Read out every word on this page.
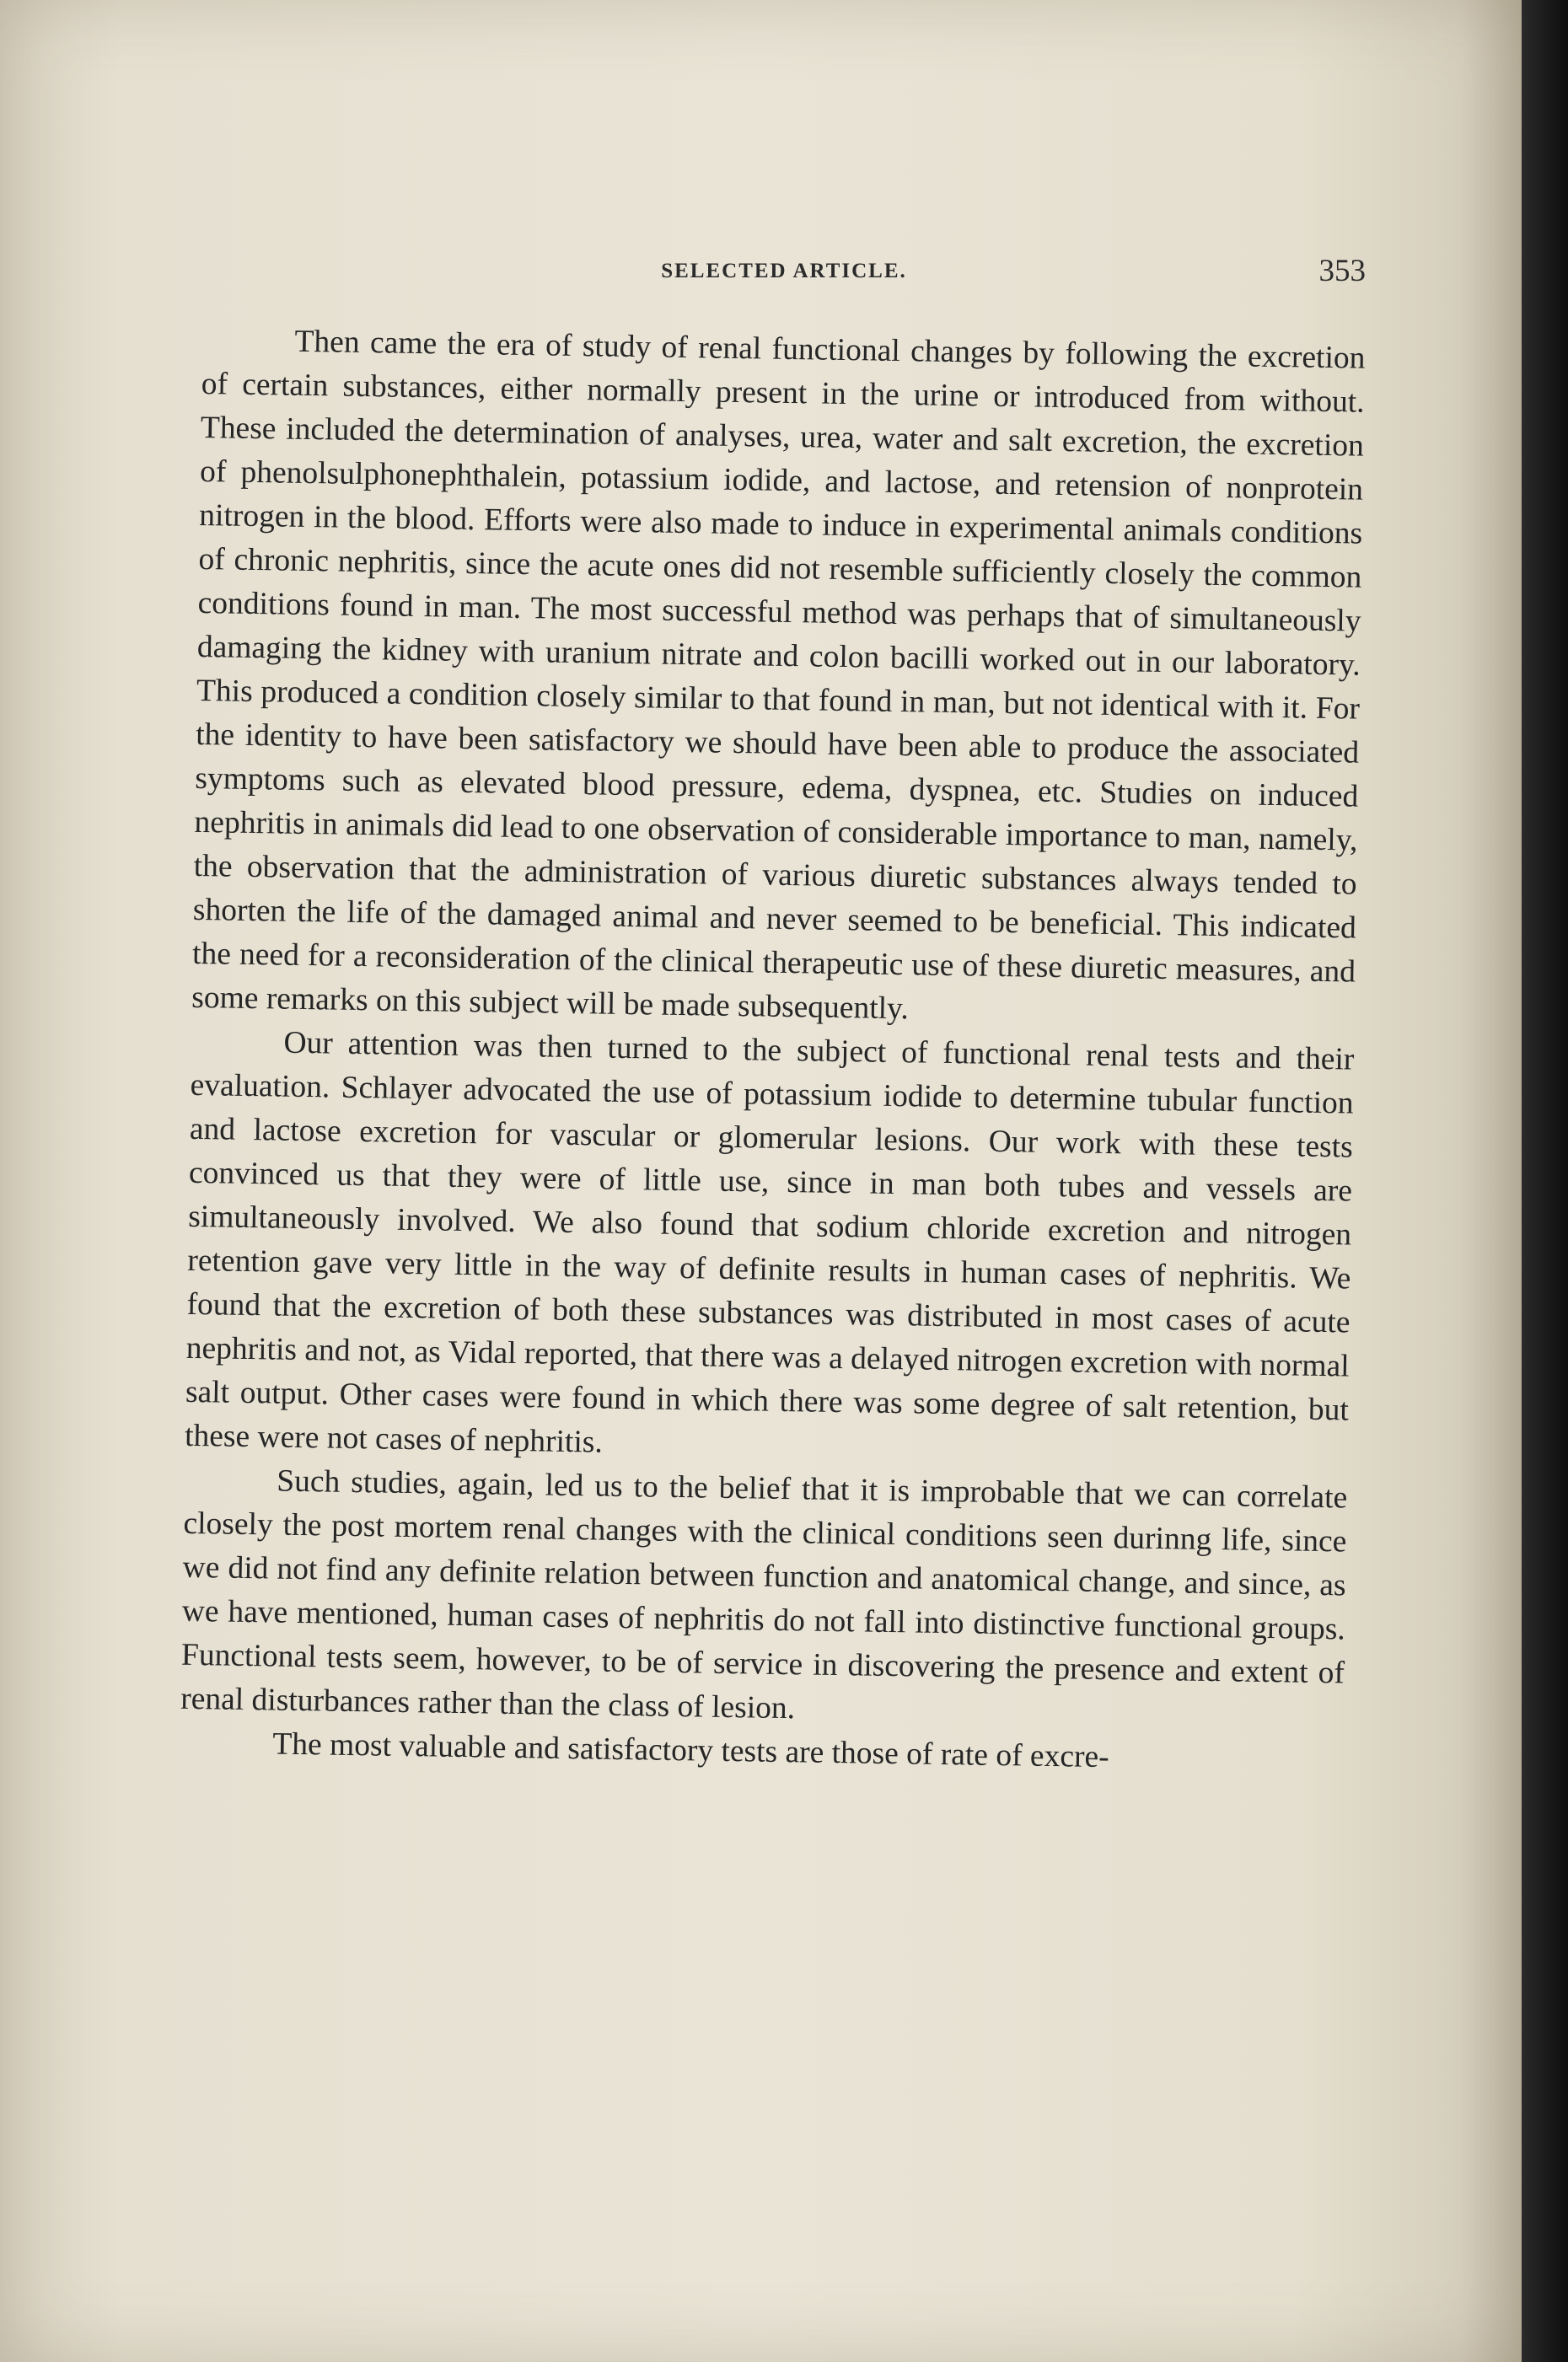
SELECTED ARTICLE.	353

Then came the era of study of renal functional changes by following the excretion of certain substances, either normally present in the urine or introduced from without. These included the determination of analyses, urea, water and salt excretion, the excretion of phenolsulphonephthalein, potassium iodide, and lactose, and retension of nonprotein nitrogen in the blood. Efforts were also made to induce in experimental animals conditions of chronic nephritis, since the acute ones did not resemble sufficiently closely the common conditions found in man. The most successful method was perhaps that of simultaneously damaging the kidney with uranium nitrate and colon bacilli worked out in our laboratory. This produced a condition closely similar to that found in man, but not identical with it. For the identity to have been satisfactory we should have been able to produce the associated symptoms such as elevated blood pressure, edema, dyspnea, etc. Studies on induced nephritis in animals did lead to one observation of considerable importance to man, namely, the observation that the administration of various diuretic substances always tended to shorten the life of the damaged animal and never seemed to be beneficial. This indicated the need for a reconsideration of the clinical therapeutic use of these diuretic measures, and some remarks on this subject will be made subsequently.

Our attention was then turned to the subject of functional renal tests and their evaluation. Schlayer advocated the use of potassium iodide to determine tubular function and lactose excretion for vascular or glomerular lesions. Our work with these tests convinced us that they were of little use, since in man both tubes and vessels are simultaneously involved. We also found that sodium chloride excretion and nitrogen retention gave very little in the way of definite results in human cases of nephritis. We found that the excretion of both these substances was distributed in most cases of acute nephritis and not, as Vidal reported, that there was a delayed nitrogen excretion with normal salt output. Other cases were found in which there was some degree of salt retention, but these were not cases of nephritis.

Such studies, again, led us to the belief that it is improbable that we can correlate closely the post mortem renal changes with the clinical conditions seen durinng life, since we did not find any definite relation between function and anatomical change, and since, as we have mentioned, human cases of nephritis do not fall into distinctive functional groups. Functional tests seem, however, to be of service in discovering the presence and extent of renal disturbances rather than the class of lesion.

The most valuable and satisfactory tests are those of rate of excre-
